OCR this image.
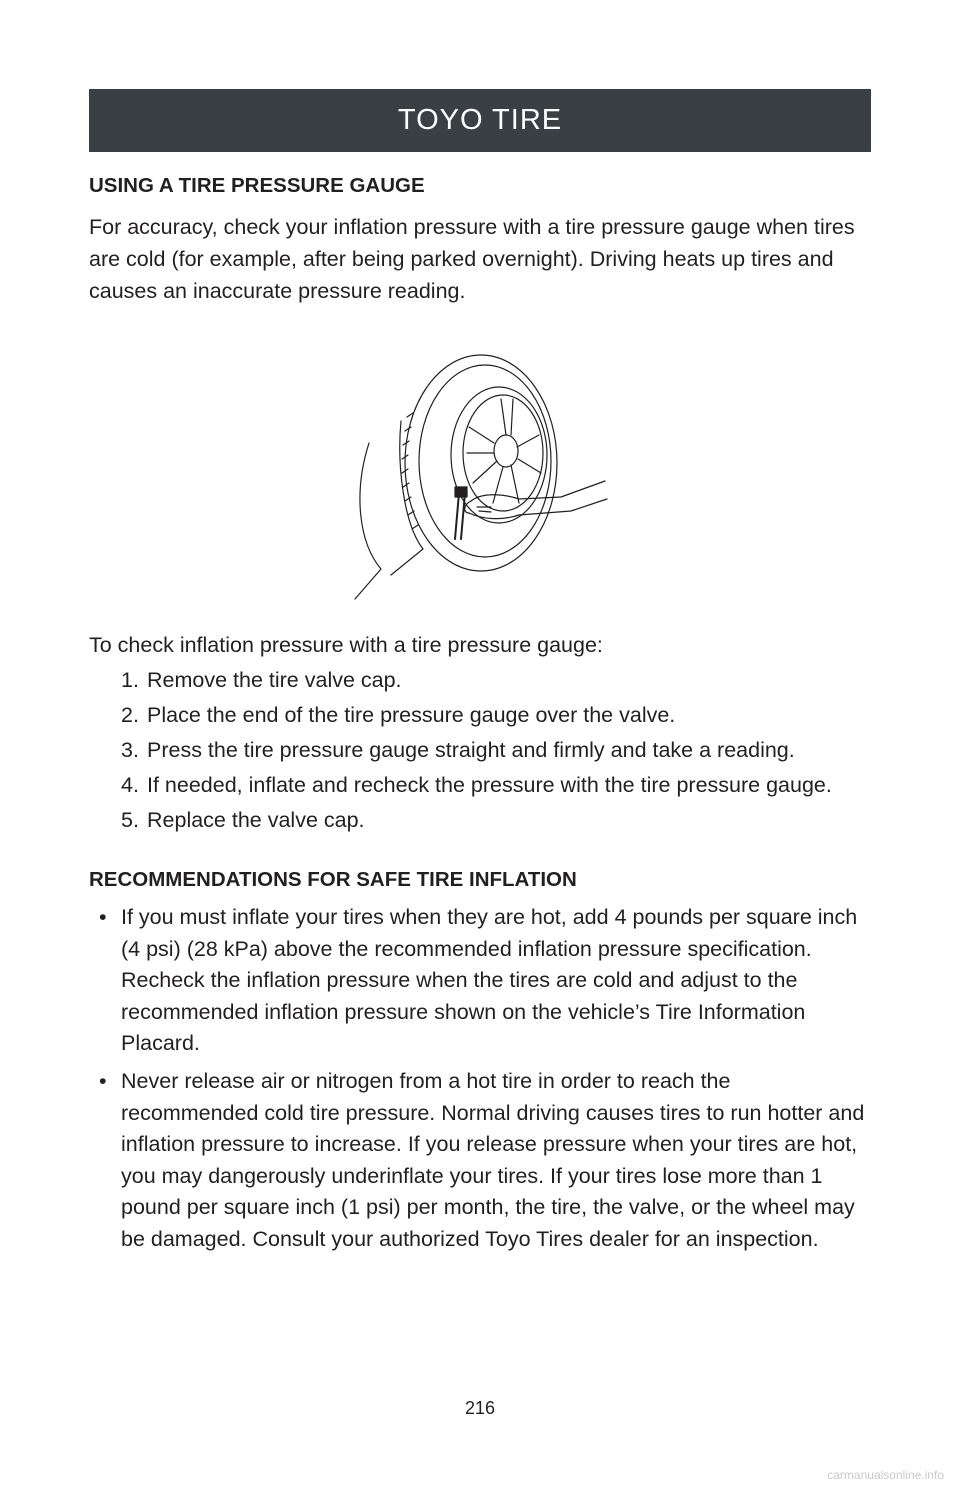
TOYO TIRE
USING A TIRE PRESSURE GAUGE

For accuracy, check your inflation pressure with a tire pressure gauge when tires are cold (for example, after being parked overnight). Driving heats up tires and causes an inaccurate pressure reading.

To check inflation pressure with a tire pressure gauge:

1. Remove the tire valve cap.
2. Place the end of the tire pressure gauge over the valve.
3. Press the tire pressure gauge straight and firmly and take a reading.
4. If needed, inflate and recheck the pressure with the tire pressure gauge.
5. Replace the valve cap.
RECOMMENDATIONS FOR SAFE TIRE INFLATION
• If you must inflate your tires when they are hot, add 4 pounds per square inch (4 psi) (28 kPa) above the recommended inflation pressure specification. Recheck the inflation pressure when the tires are cold and adjust to the recommended inflation pressure shown on the vehicle’s Tire Information Placard.
• Never release air or nitrogen from a hot tire in order to reach the recommended cold tire pressure. Normal driving causes tires to run hotter and inflation pressure to increase. If you release pressure when your tires are hot, you may dangerously underinflate your tires. If your tires lose more than 1 pound per square inch (1 psi) per month, the tire, the valve, or the wheel may be damaged. Consult your authorized Toyo Tires dealer for an inspection.
216
carmanualsonline.info
